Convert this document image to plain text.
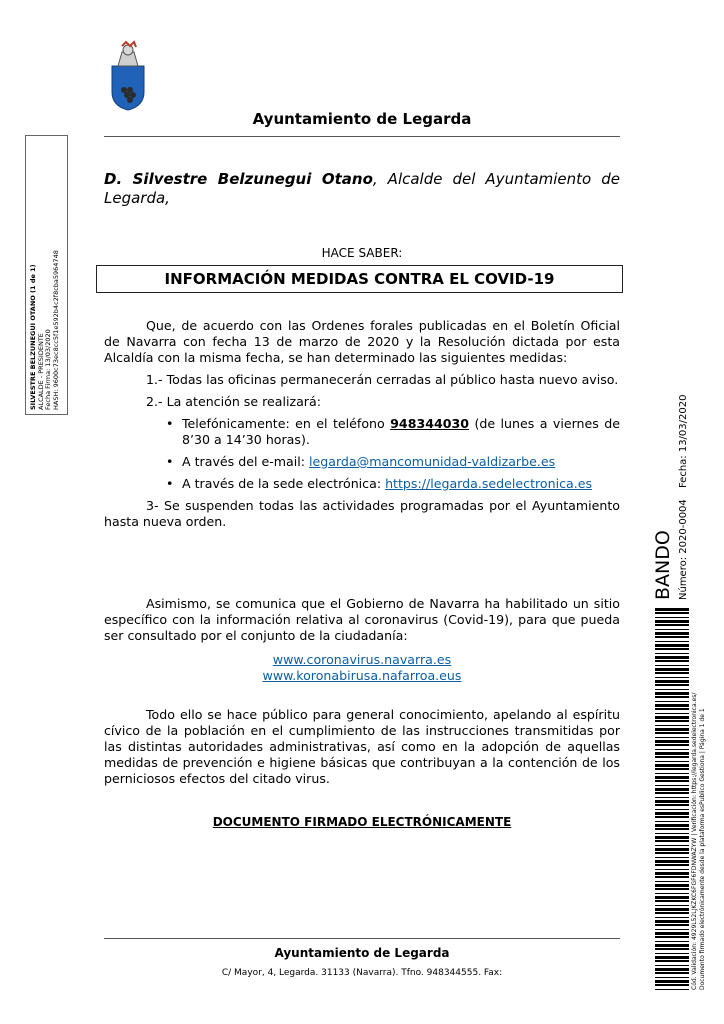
Ayuntamiento de Legarda
D. Silvestre Belzunegui Otano, Alcalde del Ayuntamiento de Legarda,
HACE SABER:
INFORMACIÓN MEDIDAS CONTRA EL COVID-19

Que, de acuerdo con las Ordenes forales publicadas en el Boletín Oficial de Navarra con fecha 13 de marzo de 2020 y la Resolución dictada por esta Alcaldía con la misma fecha, se han determinado las siguientes medidas:

1.- Todas las oficinas permanecerán cerradas al público hasta nuevo aviso.

2.- La atención se realizará:

• Telefónicamente: en el teléfono 948344030 (de lunes a viernes de 8’30 a 14’30 horas).

• A través del e-mail: legarda@mancomunidad-valdizarbe.es

• A través de la sede electrónica: https://legarda.sedelectronica.es

3- Se suspenden todas las actividades programadas por el Ayuntamiento hasta nueva orden.

Asimismo, se comunica que el Gobierno de Navarra ha habilitado un sitio específico con la información relativa al coronavirus (Covid-19), para que pueda ser consultado por el conjunto de la ciudadanía:

www.coronavirus.navarra.es

www.koronabirusa.nafarroa.eus

Todo ello se hace público para general conocimiento, apelando al espíritu cívico de la población en el cumplimiento de las instrucciones transmitidas por las distintas autoridades administrativas, así como en la adopción de aquellas medidas de prevención e higiene básicas que contribuyan a la contención de los perniciosos efectos del citado virus.

DOCUMENTO FIRMADO ELECTRÓNICAMENTE
Ayuntamiento de Legarda
C/ Mayor, 4, Legarda. 31133 (Navarra). Tfno. 948344555. Fax:
SILVESTRE BELZUNEGUI OTANO (1 de 1) ALCALDE - PRESIDENTE Fecha Firma: 13/03/2020 HASH: 9600c73ec8cc5f1e592b4c2f8cba5964748
BANDO Número: 2020-0004 Fecha: 13/03/2020
Cód. Validación: 4929L52LJKZKC6FGF6FDNWAZYW | Verificación: https://legarda.sedelectronica.es/ Documento firmado electrónicamente desde la plataforma esPublico Gestiona | Página 1 de 1
